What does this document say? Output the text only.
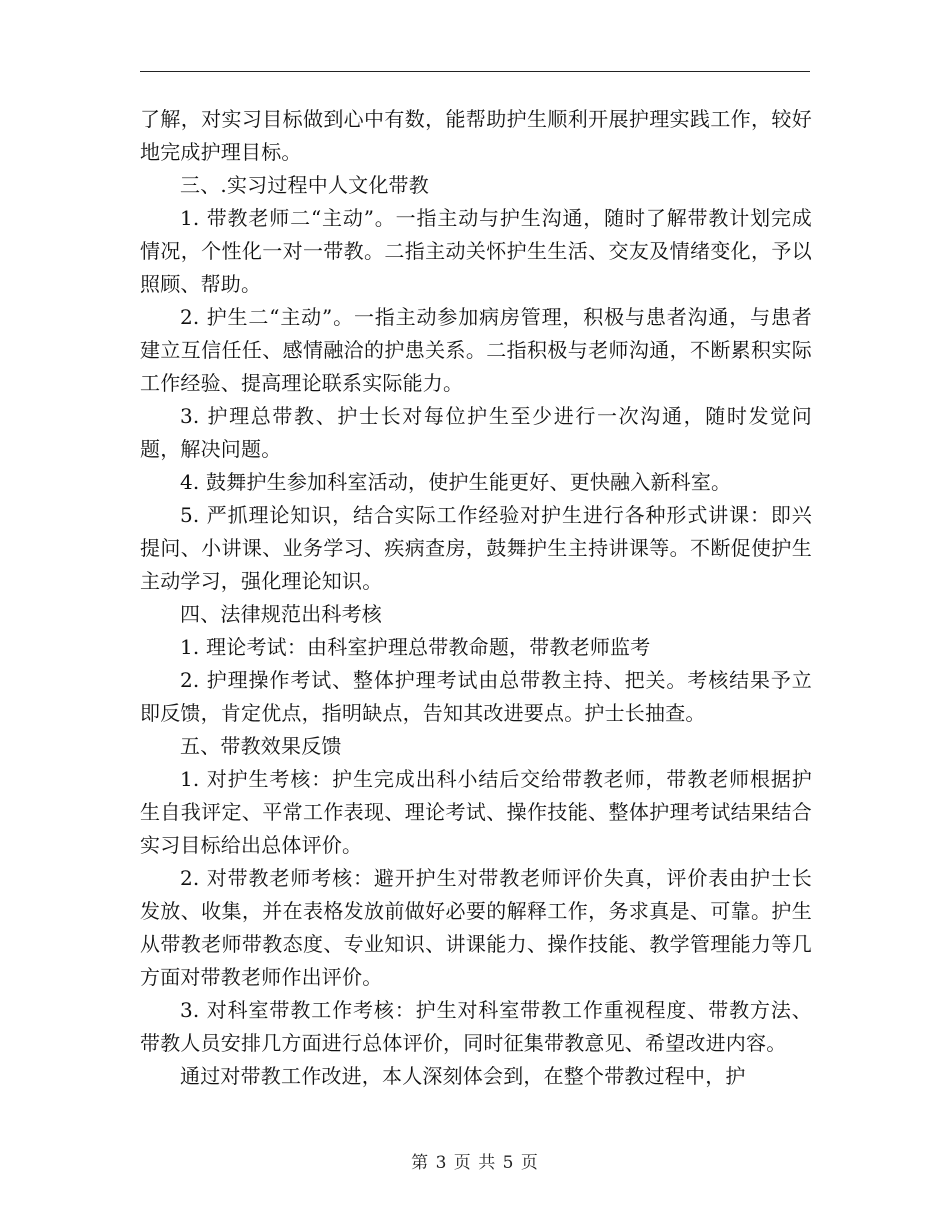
了解，对实习目标做到心中有数，能帮助护生顺利开展护理实践工作，较好地完成护理目标。

三、.实习过程中人文化带教

1. 带教老师二“主动”。一指主动与护生沟通，随时了解带教计划完成情况，个性化一对一带教。二指主动关怀护生生活、交友及情绪变化，予以照顾、帮助。

2. 护生二“主动”。一指主动参加病房管理，积极与患者沟通，与患者建立互信任任、感情融洽的护患关系。二指积极与老师沟通，不断累积实际工作经验、提高理论联系实际能力。

3. 护理总带教、护士长对每位护生至少进行一次沟通，随时发觉问题，解决问题。

4. 鼓舞护生参加科室活动，使护生能更好、更快融入新科室。

5. 严抓理论知识，结合实际工作经验对护生进行各种形式讲课：即兴提问、小讲课、业务学习、疾病查房，鼓舞护生主持讲课等。不断促使护生主动学习，强化理论知识。

四、法律规范出科考核

1. 理论考试：由科室护理总带教命题，带教老师监考

2. 护理操作考试、整体护理考试由总带教主持、把关。考核结果予立即反馈，肯定优点，指明缺点，告知其改进要点。护士长抽查。

五、带教效果反馈

1. 对护生考核：护生完成出科小结后交给带教老师，带教老师根据护生自我评定、平常工作表现、理论考试、操作技能、整体护理考试结果结合实习目标给出总体评价。

2. 对带教老师考核：避开护生对带教老师评价失真，评价表由护士长发放、收集，并在表格发放前做好必要的解释工作，务求真是、可靠。护生从带教老师带教态度、专业知识、讲课能力、操作技能、教学管理能力等几方面对带教老师作出评价。

3. 对科室带教工作考核：护生对科室带教工作重视程度、带教方法、带教人员安排几方面进行总体评价，同时征集带教意见、希望改进内容。

通过对带教工作改进，本人深刻体会到，在整个带教过程中，护

第 3 页 共 5 页
